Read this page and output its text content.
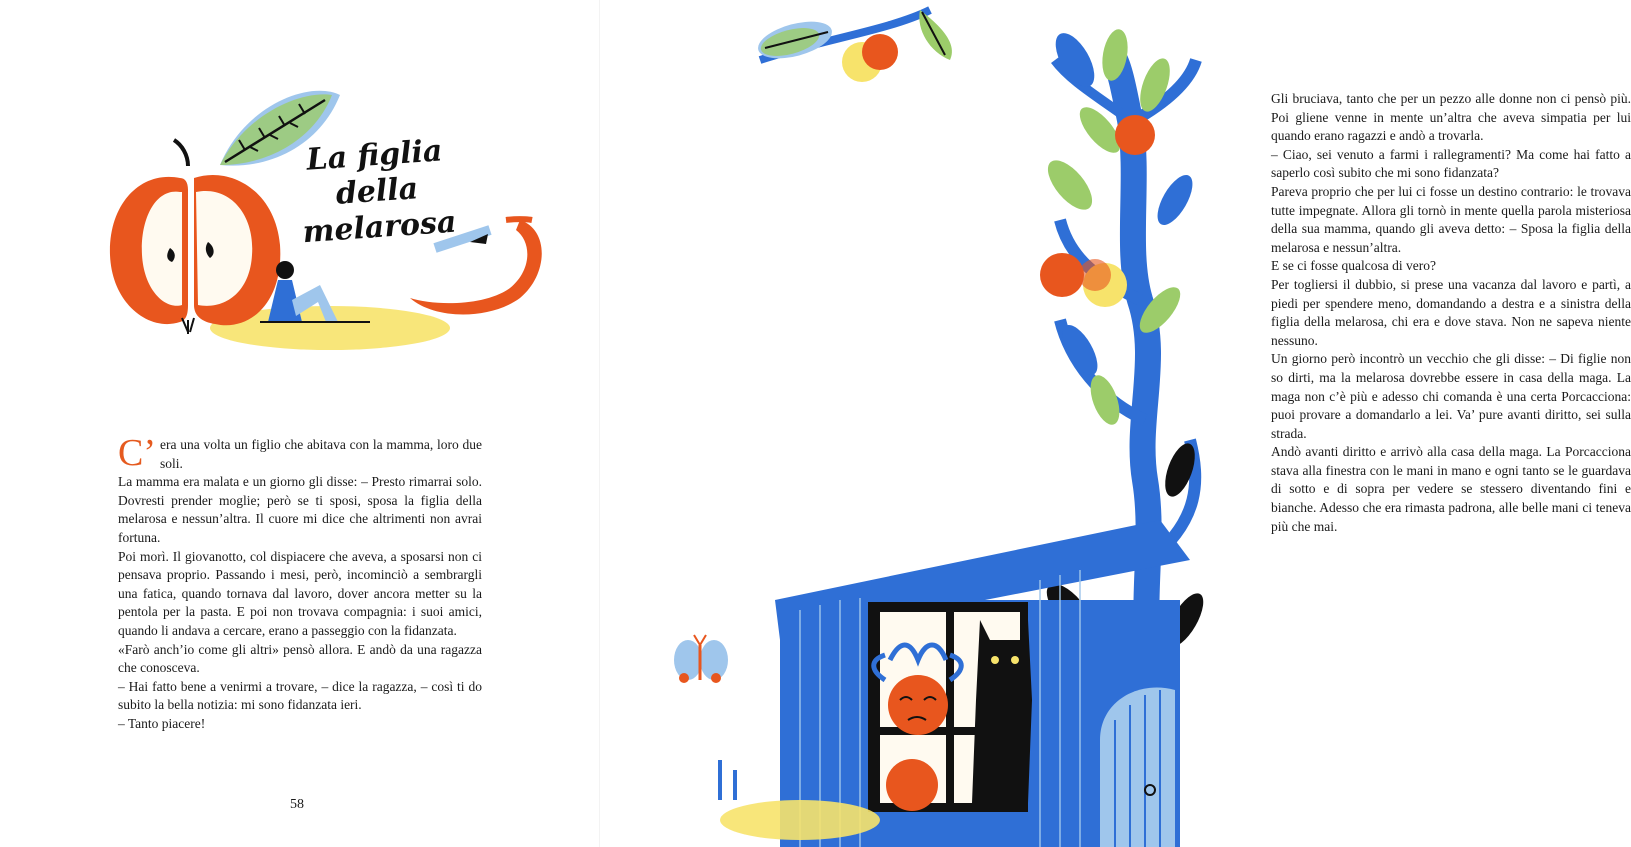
La figlia
della
melarosa

C’ era una volta un figlio che abitava con la mamma, loro due soli.

La mamma era malata e un giorno gli disse: – Presto rimarrai solo. Dovresti prender moglie; però se ti sposi, sposa la figlia della melarosa e nessun’altra. Il cuore mi dice che altrimenti non avrai fortuna.

Poi morì. Il giovanotto, col dispiacere che aveva, a sposarsi non ci pensava proprio. Passando i mesi, però, incominciò a sembrargli una fatica, quando tornava dal lavoro, dover ancora metter su la pentola per la pasta. E poi non trovava compagnia: i suoi amici, quando li andava a cercare, erano a passeggio con la fidanzata.

«Farò anch’io come gli altri» pensò allora. E andò da una ragazza che conosceva.

– Hai fatto bene a venirmi a trovare, – dice la ragazza, – così ti do subito la bella notizia: mi sono fidanzata ieri.

– Tanto piacere!

58

Gli bruciava, tanto che per un pezzo alle donne non ci pensò più. Poi gliene venne in mente un’altra che aveva simpatia per lui quando erano ragazzi e andò a trovarla.

– Ciao, sei venuto a farmi i rallegramenti? Ma come hai fatto a saperlo così subito che mi sono fidanzata?

Pareva proprio che per lui ci fosse un destino contrario: le trovava tutte impegnate. Allora gli tornò in mente quella parola misteriosa della sua mamma, quando gli aveva detto: – Sposa la figlia della melarosa e nessun’altra.

E se ci fosse qualcosa di vero?

Per togliersi il dubbio, si prese una vacanza dal lavoro e partì, a piedi per spendere meno, domandando a destra e a sinistra della figlia della melarosa, chi era e dove stava. Non ne sapeva niente nessuno.

Un giorno però incontrò un vecchio che gli disse: – Di figlie non so dirti, ma la melarosa dovrebbe essere in casa della maga. La maga non c’è più e adesso chi comanda è una certa Porcacciona: puoi provare a domandarlo a lei. Va’ pure avanti diritto, sei sulla strada.

Andò avanti diritto e arrivò alla casa della maga. La Porcacciona stava alla finestra con le mani in mano e ogni tanto se le guardava di sotto e di sopra per vedere se stessero diventando fini e bianche. Adesso che era rimasta padrona, alle belle mani ci teneva più che mai.
